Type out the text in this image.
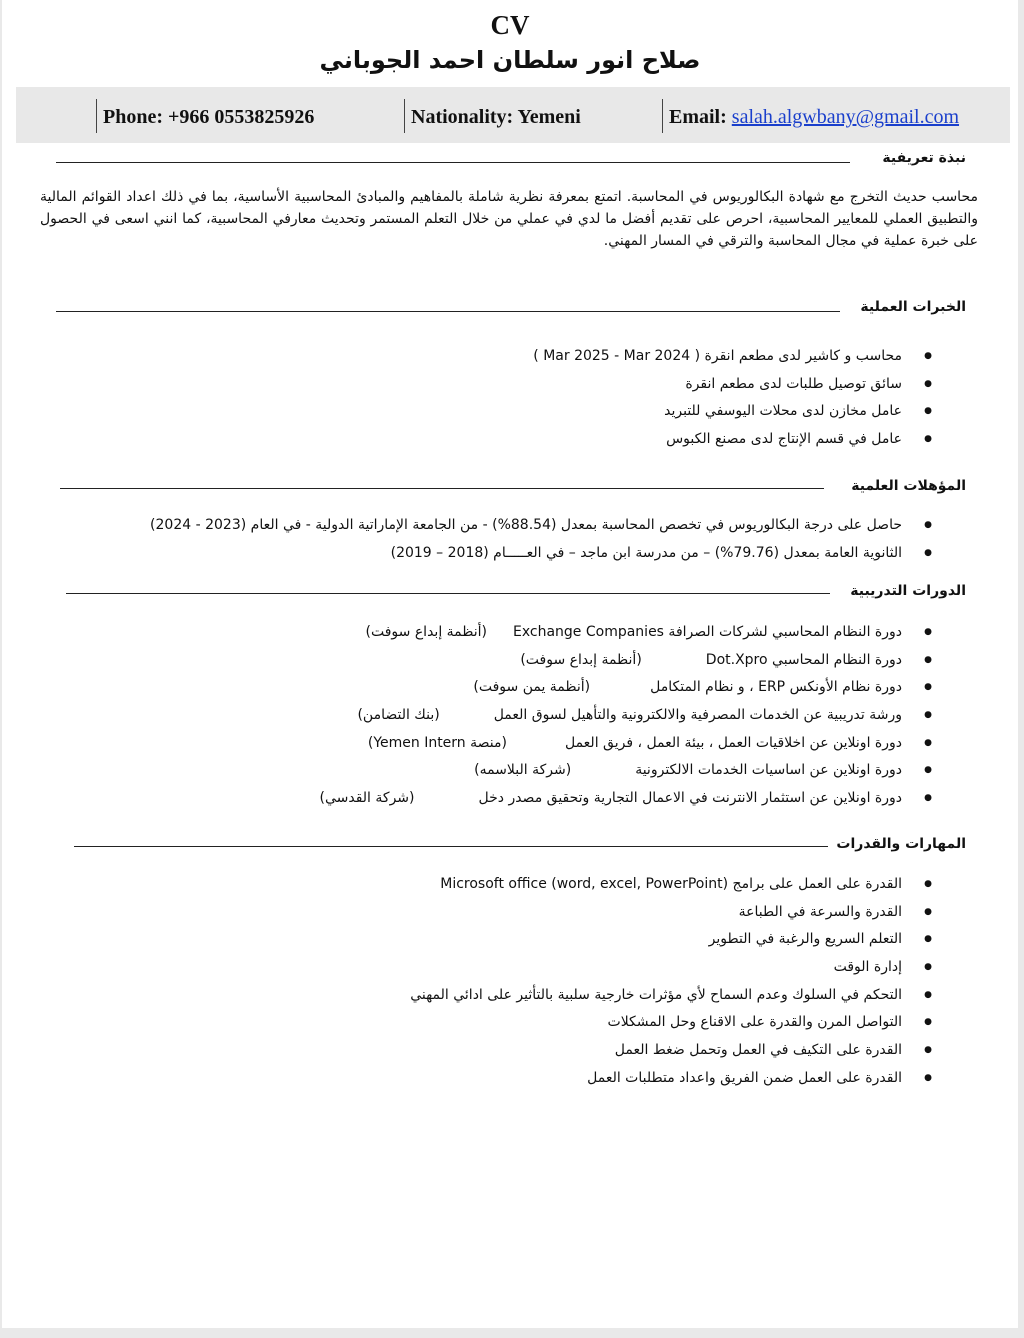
CV
صلاح انور سلطان احمد الجوباني
Phone: +966 0553825926	Nationality: Yemeni	Email: salah.algwbany@gmail.com
نبذة تعريفية
محاسب حديث التخرج مع شهادة البكالوريوس في المحاسبة. اتمتع بمعرفة نظرية شاملة بالمفاهيم والمبادئ المحاسبية الأساسية، بما في ذلك اعداد القوائم المالية والتطبيق العملي للمعايير المحاسبية، احرص على تقديم أفضل ما لدي في عملي من خلال التعلم المستمر وتحديث معارفي المحاسبية، كما انني اسعى في الحصول على خبرة عملية في مجال المحاسبة والترقي في المسار المهني.
الخبرات العملية
● محاسب و كاشير لدى مطعم انقرة ( Mar 2025 - Mar 2024 )
● سائق توصيل طلبات لدى مطعم انقرة
● عامل مخازن لدى محلات اليوسفي للتبريد
● عامل في قسم الإنتاج لدى مصنع الكبوس
المؤهلات العلمية
● حاصل على درجة البكالوريوس في تخصص المحاسبة بمعدل (88.54%) - من الجامعة الإماراتية الدولية - في العام (2023 - 2024)
● الثانوية العامة بمعدل (79.76%) – من مدرسة ابن ماجد – في العـــــام (2018 – 2019)
الدورات التدريبية
● دورة النظام المحاسبي لشركات الصرافة Exchange Companies(أنظمة إبداع سوفت)
● دورة النظام المحاسبي Dot.Xpro(أنظمة إبداع سوفت)
● دورة نظام الأونكس ERP ، و نظام المتكامل(أنظمة يمن سوفت)
● ورشة تدريبية عن الخدمات المصرفية والالكترونية والتأهيل لسوق العمل(بنك التضامن)
● دورة اونلاين عن اخلاقيات العمل ، بيئة العمل ، فريق العمل(منصة Yemen Intern)
● دورة اونلاين عن اساسيات الخدمات الالكترونية(شركة البلاسمه)
● دورة اونلاين عن استثمار الانترنت في الاعمال التجارية وتحقيق مصدر دخل(شركة القدسي)
المهارات والقدرات
● القدرة على العمل على برامج Microsoft office (word, excel, PowerPoint)
● القدرة والسرعة في الطباعة
● التعلم السريع والرغبة في التطوير
● إدارة الوقت
● التحكم في السلوك وعدم السماح لأي مؤثرات خارجية سلبية بالتأثير على ادائي المهني
● التواصل المرن والقدرة على الاقناع وحل المشكلات
● القدرة على التكيف في العمل وتحمل ضغط العمل
● القدرة على العمل ضمن الفريق واعداد متطلبات العمل
